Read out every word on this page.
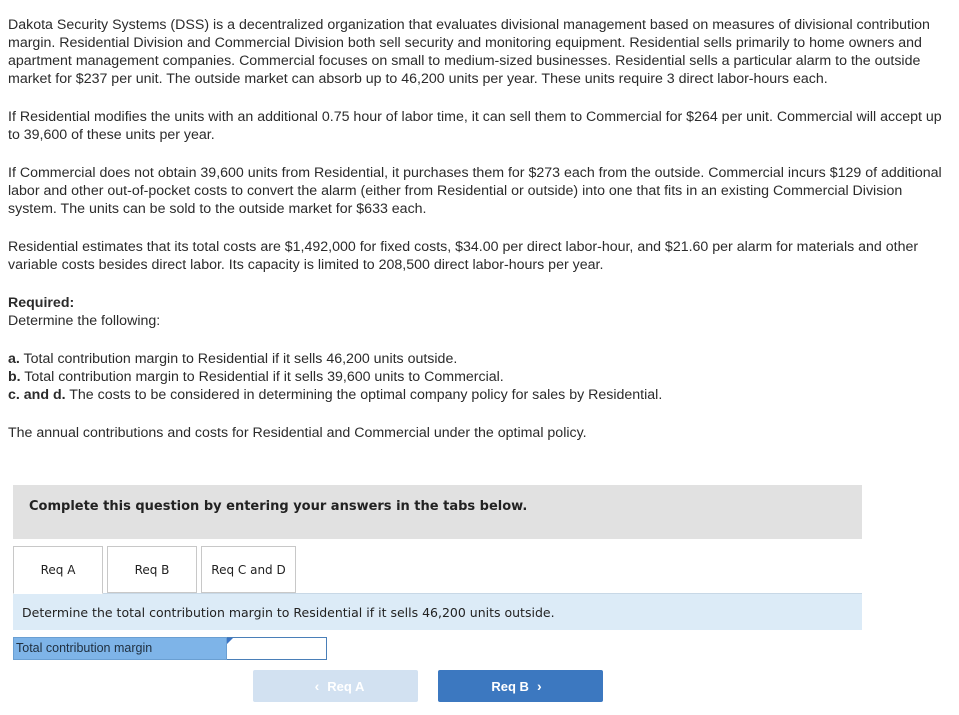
Dakota Security Systems (DSS) is a decentralized organization that evaluates divisional management based on measures of divisional contribution margin. Residential Division and Commercial Division both sell security and monitoring equipment. Residential sells primarily to home owners and apartment management companies. Commercial focuses on small to medium-sized businesses. Residential sells a particular alarm to the outside market for $237 per unit. The outside market can absorb up to 46,200 units per year. These units require 3 direct labor-hours each.

If Residential modifies the units with an additional 0.75 hour of labor time, it can sell them to Commercial for $264 per unit. Commercial will accept up to 39,600 of these units per year.

If Commercial does not obtain 39,600 units from Residential, it purchases them for $273 each from the outside. Commercial incurs $129 of additional labor and other out-of-pocket costs to convert the alarm (either from Residential or outside) into one that fits in an existing Commercial Division system. The units can be sold to the outside market for $633 each.

Residential estimates that its total costs are $1,492,000 for fixed costs, $34.00 per direct labor-hour, and $21.60 per alarm for materials and other variable costs besides direct labor. Its capacity is limited to 208,500 direct labor-hours per year.

Required:

Determine the following:

a. Total contribution margin to Residential if it sells 46,200 units outside.

b. Total contribution margin to Residential if it sells 39,600 units to Commercial.

c. and d. The costs to be considered in determining the optimal company policy for sales by Residential.

The annual contributions and costs for Residential and Commercial under the optimal policy.

Complete this question by entering your answers in the tabs below.
Req A	Req B	Req C and D
Determine the total contribution margin to Residential if it sells 46,200 units outside.
Total contribution margin
‹ Req A	Req B ›
